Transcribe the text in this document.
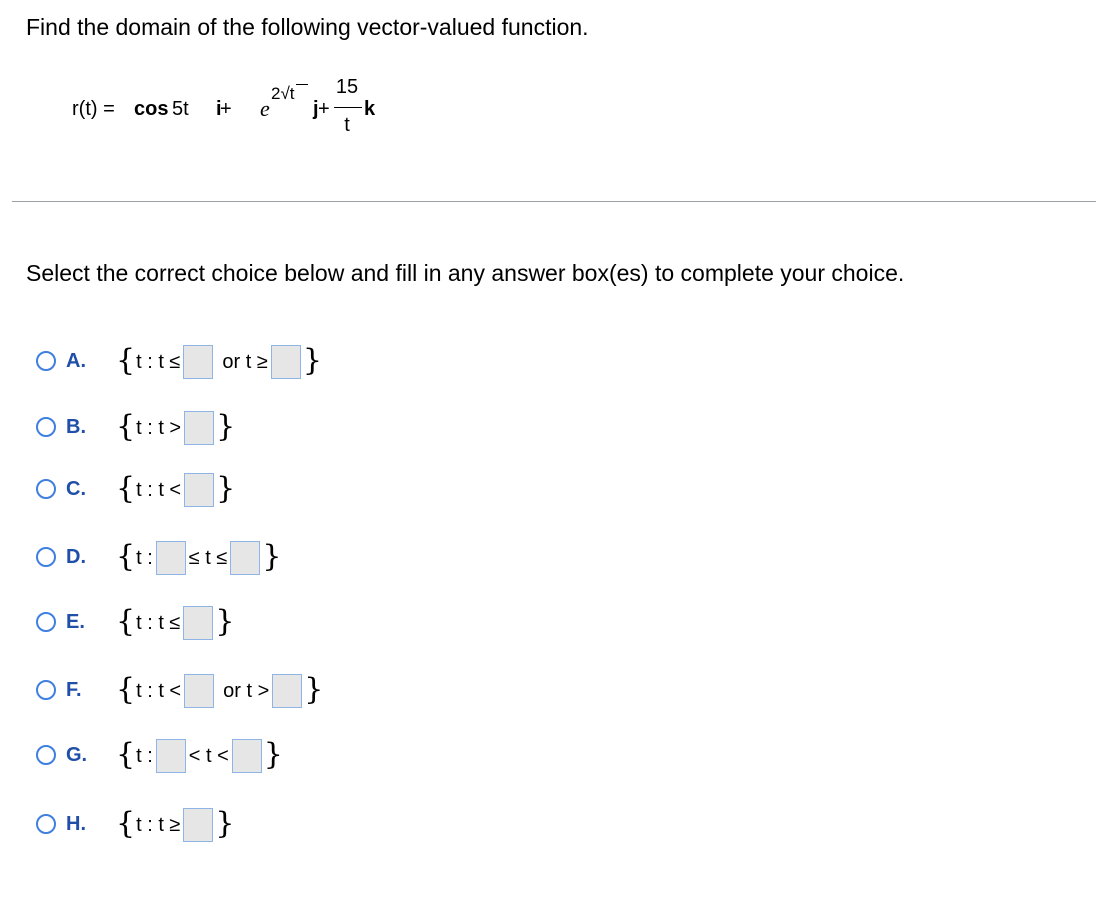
Find the domain of the following vector-valued function.
r(t) = cos 5t i
+ e
2√t
j +
15
t
k
Select the correct choice below and fill in any answer box(es) to complete your choice.
A. { t : t ≤ or t ≥ }
B. { t : t > }
C. { t : t < }
D. { t : ≤ t ≤ }
E. { t : t ≤ }
F. { t : t < or t > }
G. { t : < t < }
H. { t : t ≥ }
